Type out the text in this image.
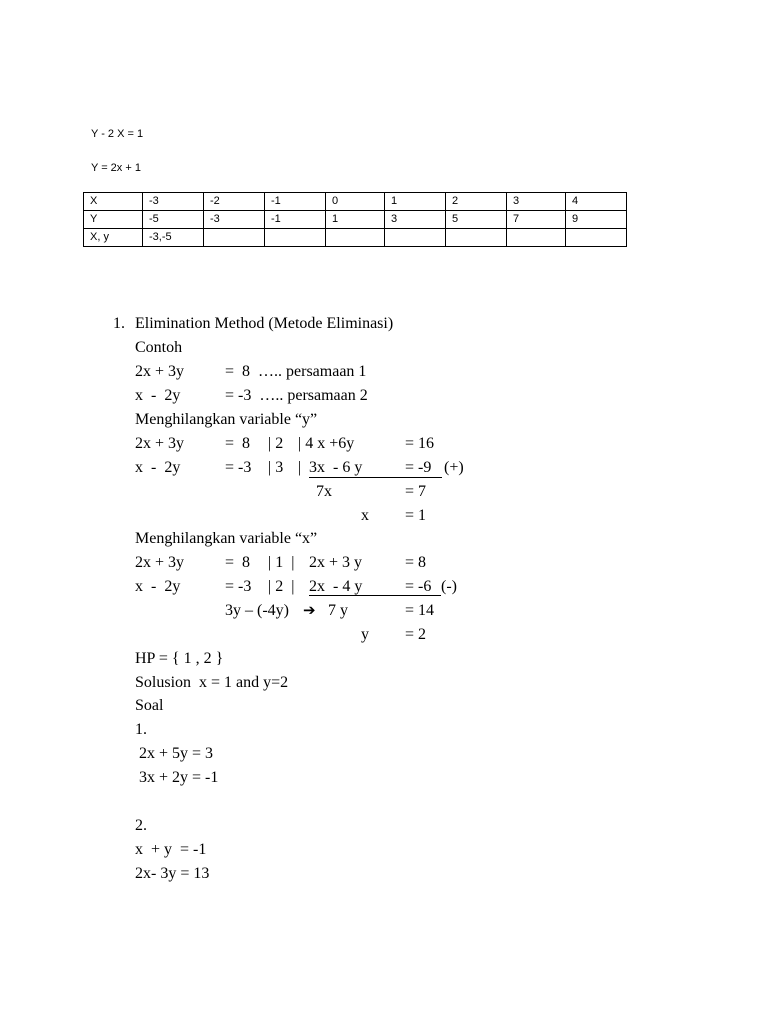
Y - 2 X = 1
Y = 2x + 1
X	-3	-2	-1	0	1	2	3	4
Y	-5	-3	-1	1	3	5	7	9
X, y	-3,-5							
1. Elimination Method (Metode Eliminasi)
Contoh
2x + 3y	=  8  ….. persamaan 1
x  -  2y	= -3  ….. persamaan 2
Menghilangkan variable “y”
2x + 3y	=  8 | 2 | 4 x +6y	= 16
x  -  2y	= -3 | 3 | 3x  - 6 y	= -9 (+)
7x	= 7
x = 1
Menghilangkan variable “x”
2x + 3y	=  8 | 1  | 2x + 3 y	= 8
x  -  2y	= -3 | 2  | 2x  - 4 y	= -6 (-)
3y – (-4y) ➔ 7 y	= 14
y = 2
HP = { 1 , 2 }
Solusion  x = 1 and y=2
Soal
1.
2x + 5y = 3
3x + 2y = -1
2.
x  + y  = -1
2x- 3y = 13
